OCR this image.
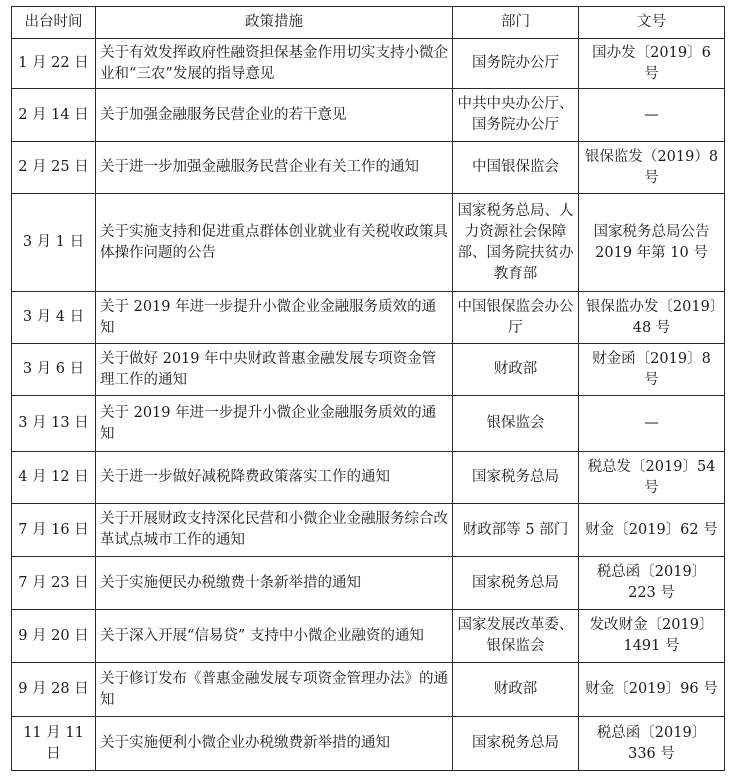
出台时间	政策措施	部门	文号
1 月 22 日	关于有效发挥政府性融资担保基金作用切实支持小微企业和“三农”发展的指导意见	国务院办公厅	国办发〔2019〕6 号
2 月 14 日	关于加强金融服务民营企业的若干意见	中共中央办公厅、国务院办公厅	—
2 月 25 日	关于进一步加强金融服务民营企业有关工作的通知	中国银保监会	银保监发（2019）8 号
3 月 1 日	关于实施支持和促进重点群体创业就业有关税收政策具体操作问题的公告	国家税务总局、人力资源社会保障部、国务院扶贫办教育部	国家税务总局公告 2019 年第 10 号
3 月 4 日	关于 2019 年进一步提升小微企业金融服务质效的通知	中国银保监会办公厅	银保监办发〔2019〕48 号
3 月 6 日	关于做好 2019 年中央财政普惠金融发展专项资金管理工作的通知	财政部	财金函〔2019〕8 号
3 月 13 日	关于 2019 年进一步提升小微企业金融服务质效的通知	银保监会	—
4 月 12 日	关于进一步做好减税降费政策落实工作的通知	国家税务总局	税总发〔2019〕54 号
7 月 16 日	关于开展财政支持深化民营和小微企业金融服务综合改革试点城市工作的通知	财政部等 5 部门	财金〔2019〕62 号
7 月 23 日	关于实施便民办税缴费十条新举措的通知	国家税务总局	税总函〔2019〕223 号
9 月 20 日	关于深入开展“信易贷” 支持中小微企业融资的通知	国家发展改革委、银保监会	发改财金〔2019〕1491 号
9 月 28 日	关于修订发布《普惠金融发展专项资金管理办法》的通知	财政部	财金〔2019〕96 号
11 月 11 日	关于实施便利小微企业办税缴费新举措的通知	国家税务总局	税总函〔2019〕336 号
